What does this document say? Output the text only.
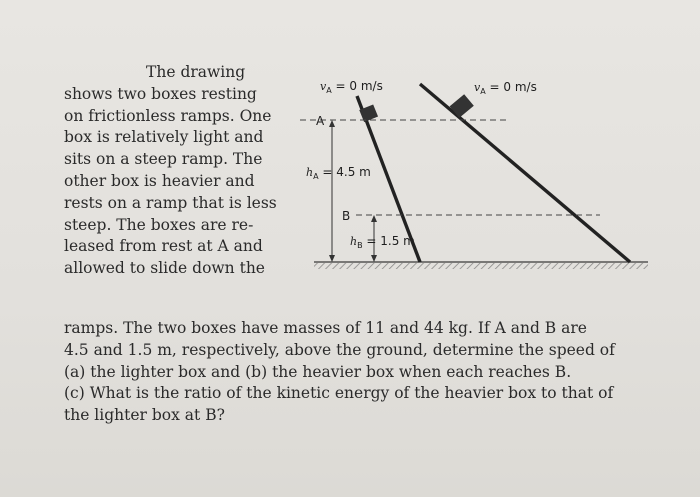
The drawing
shows two boxes resting
on frictionless ramps. One
box is relatively light and
sits on a steep ramp. The
other box is heavier and
rests on a ramp that is less
steep. The boxes are re-
leased from rest at A and
allowed to slide down the
ramps. The two boxes have masses of 11 and 44 kg. If A and B are
4.5 and 1.5 m, respectively, above the ground, determine the speed of
(a) the lighter box and (b) the heavier box when each reaches B.
(c) What is the ratio of the kinetic energy of the heavier box to that of
the lighter box at B?
$v_A = 0$ m/s	$v_A = 0$ m/s
A
B
$h_A = 4.5$ m
$h_B = 1.5$ m
